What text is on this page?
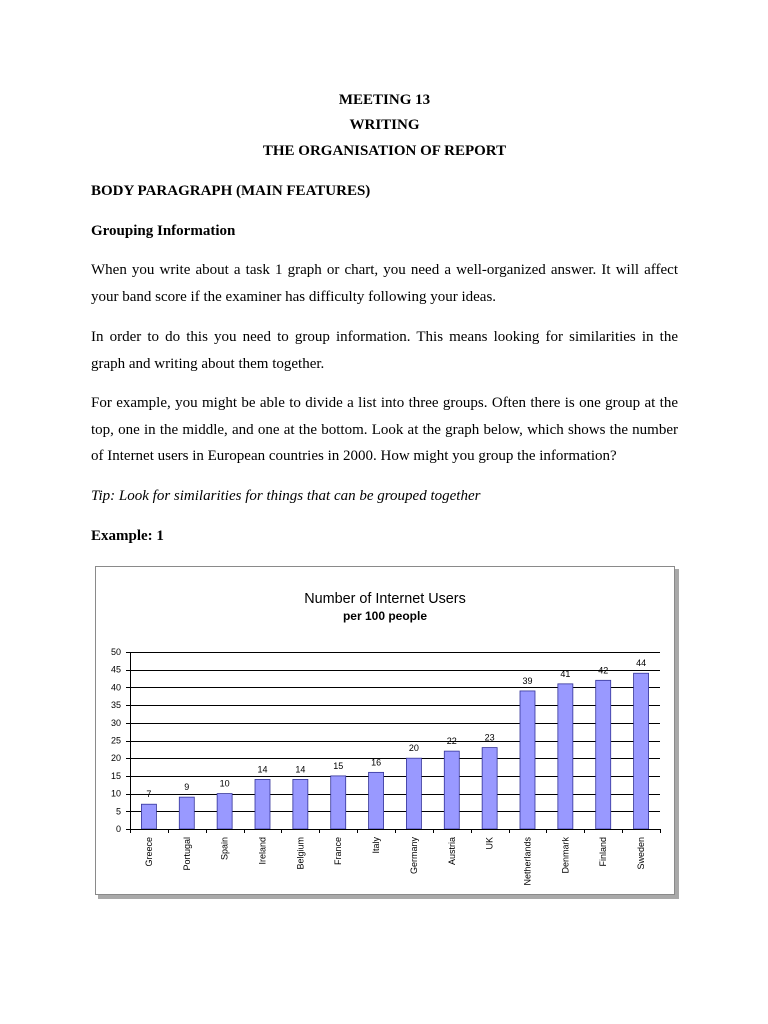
MEETING 13
WRITING
THE ORGANISATION OF REPORT
BODY PARAGRAPH (MAIN FEATURES)
Grouping Information
When you write about a task 1 graph or chart, you need a well-organized answer. It will affect
your band score if the examiner has difficulty following your ideas.
In order to do this you need to group information. This means looking for similarities in the
graph and writing about them together.
For example, you might be able to divide a list into three groups. Often there is one group at the
top, one in the middle, and one at the bottom. Look at the graph below, which shows the number
of Internet users in European countries in 2000. How might you group the information?
Tip: Look for similarities for things that can be grouped together
Example: 1
Number of Internet Users
per 100 people
0
5
10
15
20
25
30
35
40
45
50
7
9	10
14	14	15	16
20
22	23
39
41	42
44
Greece	Portugal	Spain	Ireland	Belgium	France	Italy	Germany	Austria	UK	Netherlands	Denmark	Finland	Sweden
